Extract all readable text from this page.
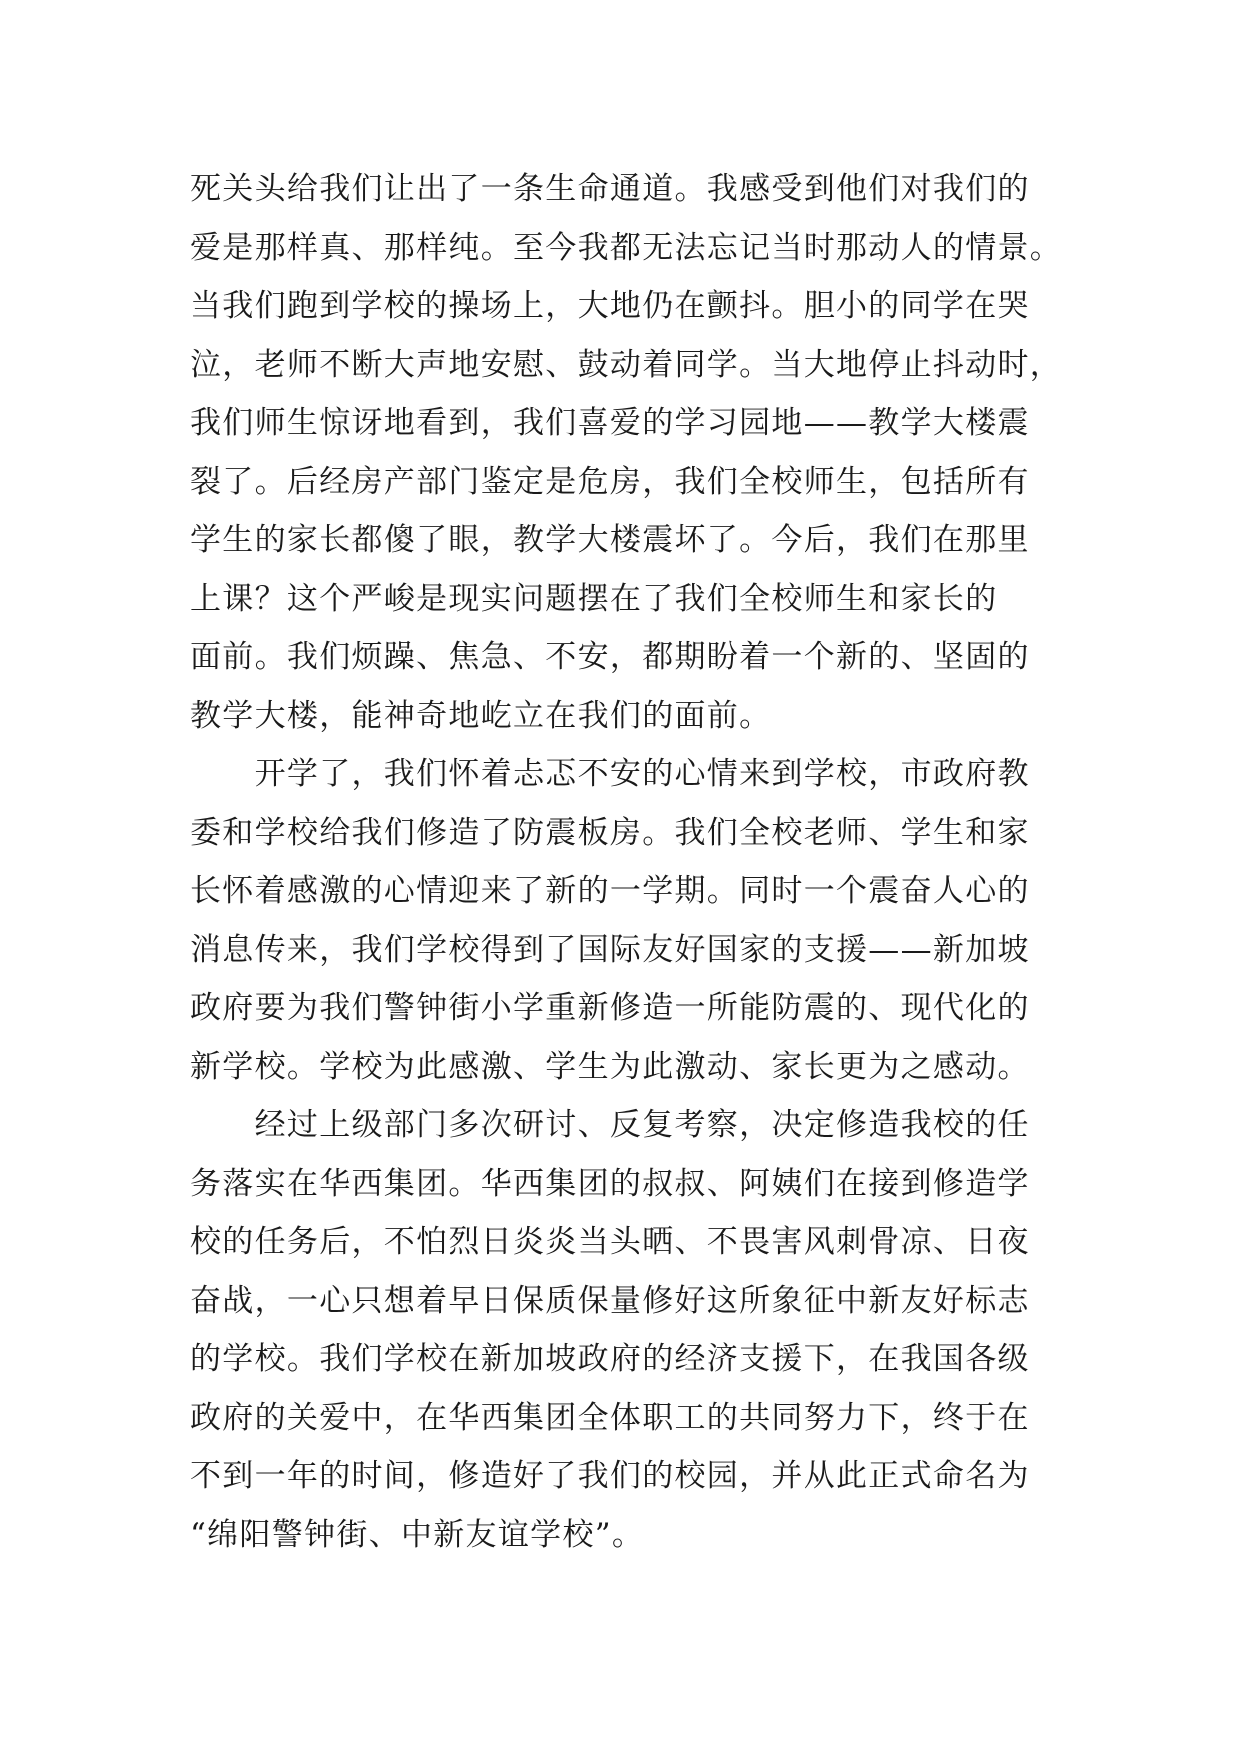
死关头给我们让出了一条生命通道。我感受到他们对我们的
爱是那样真、那样纯。至今我都无法忘记当时那动人的情景。
当我们跑到学校的操场上，大地仍在颤抖。胆小的同学在哭
泣，老师不断大声地安慰、鼓动着同学。当大地停止抖动时，
我们师生惊讶地看到，我们喜爱的学习园地——教学大楼震
裂了。后经房产部门鉴定是危房，我们全校师生，包括所有
学生的家长都傻了眼，教学大楼震坏了。今后，我们在那里
上课？这个严峻是现实问题摆在了我们全校师生和家长的
面前。我们烦躁、焦急、不安，都期盼着一个新的、坚固的
教学大楼，能神奇地屹立在我们的面前。
　　开学了，我们怀着忐忑不安的心情来到学校，市政府教
委和学校给我们修造了防震板房。我们全校老师、学生和家
长怀着感激的心情迎来了新的一学期。同时一个震奋人心的
消息传来，我们学校得到了国际友好国家的支援——新加坡
政府要为我们警钟街小学重新修造一所能防震的、现代化的
新学校。学校为此感激、学生为此激动、家长更为之感动。
　　经过上级部门多次研讨、反复考察，决定修造我校的任
务落实在华西集团。华西集团的叔叔、阿姨们在接到修造学
校的任务后，不怕烈日炎炎当头晒、不畏害风刺骨凉、日夜
奋战，一心只想着早日保质保量修好这所象征中新友好标志
的学校。我们学校在新加坡政府的经济支援下，在我国各级
政府的关爱中，在华西集团全体职工的共同努力下，终于在
不到一年的时间，修造好了我们的校园，并从此正式命名为
“绵阳警钟街、中新友谊学校”。
